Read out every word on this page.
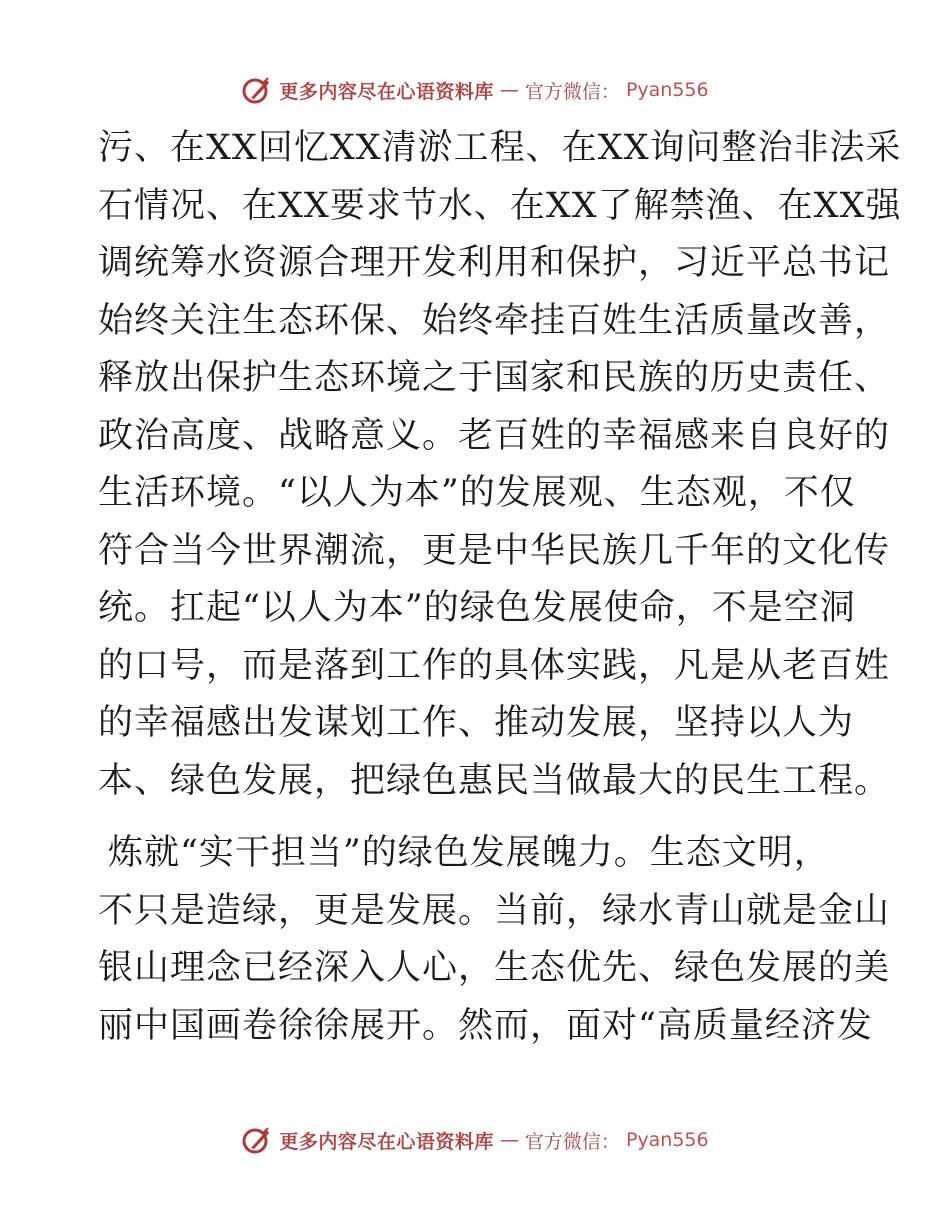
更多内容尽在心语资料库 — 官方微信： Pyan556
污、在XX回忆XX清淤工程、在XX询问整治非法采
石情况、在XX要求节水、在XX了解禁渔、在XX强
调统筹水资源合理开发利用和保护，习近平总书记
始终关注生态环保、始终牵挂百姓生活质量改善，
释放出保护生态环境之于国家和民族的历史责任、
政治高度、战略意义。老百姓的幸福感来自良好的
生活环境。“以人为本”的发展观、生态观，不仅
符合当今世界潮流，更是中华民族几千年的文化传
统。扛起“以人为本”的绿色发展使命，不是空洞
的口号，而是落到工作的具体实践，凡是从老百姓
的幸福感出发谋划工作、推动发展，坚持以人为
本、绿色发展，把绿色惠民当做最大的民生工程。
炼就“实干担当”的绿色发展魄力。生态文明，
不只是造绿，更是发展。当前，绿水青山就是金山
银山理念已经深入人心，生态优先、绿色发展的美
丽中国画卷徐徐展开。然而，面对“高质量经济发
更多内容尽在心语资料库 — 官方微信： Pyan556
